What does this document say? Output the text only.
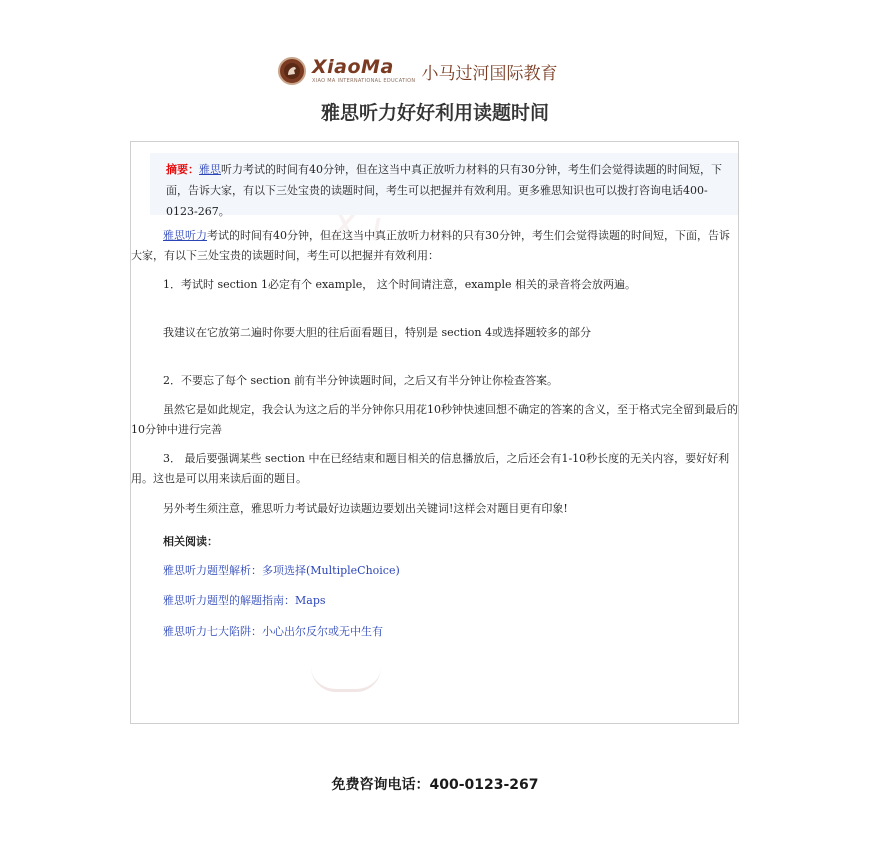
XiaoMa
XIAO MA INTERNATIONAL EDUCATION 小马过河国际教育
雅思听力好好利用读题时间
X i
摘要：雅思听力考试的时间有40分钟，但在这当中真正放听力材料的只有30分钟，考生们会觉得读题的时间短，下面，告诉大家，有以下三处宝贵的读题时间，考生可以把握并有效利用。更多雅思知识也可以拨打咨询电话400-0123-267。

雅思听力考试的时间有40分钟，但在这当中真正放听力材料的只有30分钟，考生们会觉得读题的时间短，下面，告诉大家，有以下三处宝贵的读题时间，考生可以把握并有效利用：

1．考试时 section 1必定有个 example， 这个时间请注意，example 相关的录音将会放两遍。

我建议在它放第二遍时你要大胆的往后面看题目，特别是 section 4或选择题较多的部分

2．不要忘了每个 section 前有半分钟读题时间，之后又有半分钟让你检查答案。

虽然它是如此规定，我会认为这之后的半分钟你只用花10秒钟快速回想不确定的答案的含义，至于格式完全留到最后的10分钟中进行完善

3． 最后要强调某些 section 中在已经结束和题目相关的信息播放后，之后还会有1-10秒长度的无关内容，要好好利用。这也是可以用来读后面的题目。

另外考生须注意，雅思听力考试最好边读题边要划出关键词!这样会对题目更有印象!

相关阅读：

雅思听力题型解析：多项选择(MultipleChoice)
雅思听力题型的解题指南：Maps
雅思听力七大陷阱：小心出尔反尔或无中生有

免费咨询电话：400-0123-267
